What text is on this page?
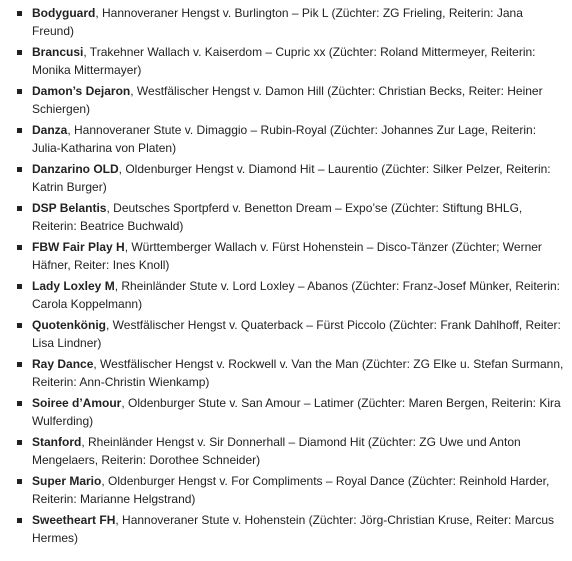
Bodyguard, Hannoveraner Hengst v. Burlington – Pik L (Züchter: ZG Frieling, Reiterin: Jana Freund)
Brancusi, Trakehner Wallach v. Kaiserdom – Cupric xx (Züchter: Roland Mittermeyer, Reiterin: Monika Mittermayer)
Damon’s Dejaron, Westfälischer Hengst v. Damon Hill (Züchter: Christian Becks, Reiter: Heiner Schiergen)
Danza, Hannoveraner Stute v. Dimaggio – Rubin-Royal (Züchter: Johannes Zur Lage, Reiterin: Julia-Katharina von Platen)
Danzarino OLD, Oldenburger Hengst v. Diamond Hit – Laurentio (Züchter: Silker Pelzer, Reiterin: Katrin Burger)
DSP Belantis, Deutsches Sportpferd v. Benetton Dream – Expo’se (Züchter: Stiftung BHLG, Reiterin: Beatrice Buchwald)
FBW Fair Play H, Württemberger Wallach v. Fürst Hohenstein – Disco-Tänzer (Züchter; Werner Häfner, Reiter: Ines Knoll)
Lady Loxley M, Rheinländer Stute v. Lord Loxley – Abanos (Züchter: Franz-Josef Münker, Reiterin: Carola Koppelmann)
Quotenkönig, Westfälischer Hengst v. Quaterback – Fürst Piccolo (Züchter: Frank Dahlhoff, Reiter: Lisa Lindner)
Ray Dance, Westfälischer Hengst v. Rockwell v. Van the Man (Züchter: ZG Elke u. Stefan Surmann, Reiterin: Ann-Christin Wienkamp)
Soiree d’Amour, Oldenburger Stute v. San Amour – Latimer (Züchter: Maren Bergen, Reiterin: Kira Wulferding)
Stanford, Rheinländer Hengst v. Sir Donnerhall – Diamond Hit (Züchter: ZG Uwe und Anton Mengelaers, Reiterin: Dorothee Schneider)
Super Mario, Oldenburger Hengst v. For Compliments – Royal Dance (Züchter: Reinhold Harder, Reiterin: Marianne Helgstrand)
Sweetheart FH, Hannoveraner Stute v. Hohenstein (Züchter: Jörg-Christian Kruse, Reiter: Marcus Hermes)
